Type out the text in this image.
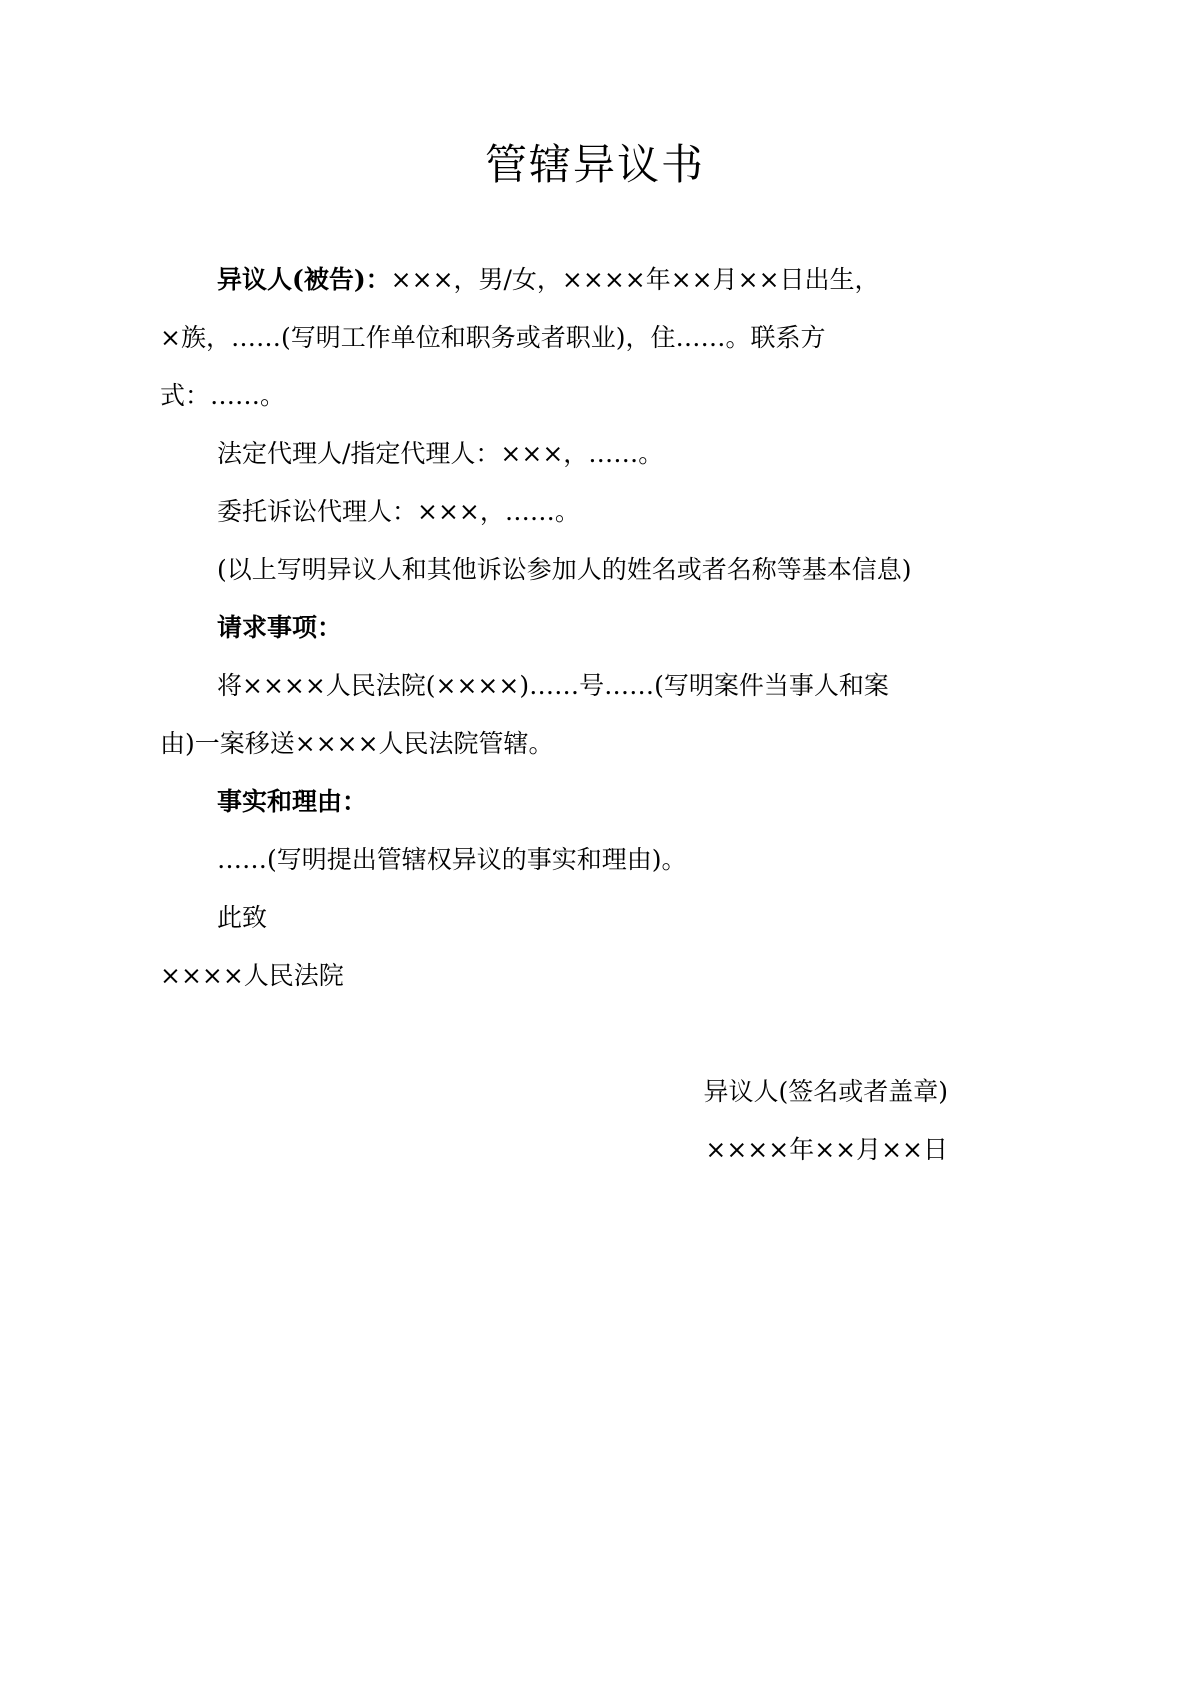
管辖异议书
异议人(被告)：×××，男/女，××××年××月××日出生，
×族，……(写明工作单位和职务或者职业)，住……。联系方式：……。
法定代理人/指定代理人：×××，……。
委托诉讼代理人：×××，……。
(以上写明异议人和其他诉讼参加人的姓名或者名称等基本信息)
请求事项：
将××××人民法院(××××)……号……(写明案件当事人和案
由)一案移送××××人民法院管辖。
事实和理由：
……(写明提出管辖权异议的事实和理由)。
此致
××××人民法院
异议人(签名或者盖章)
××××年××月××日
